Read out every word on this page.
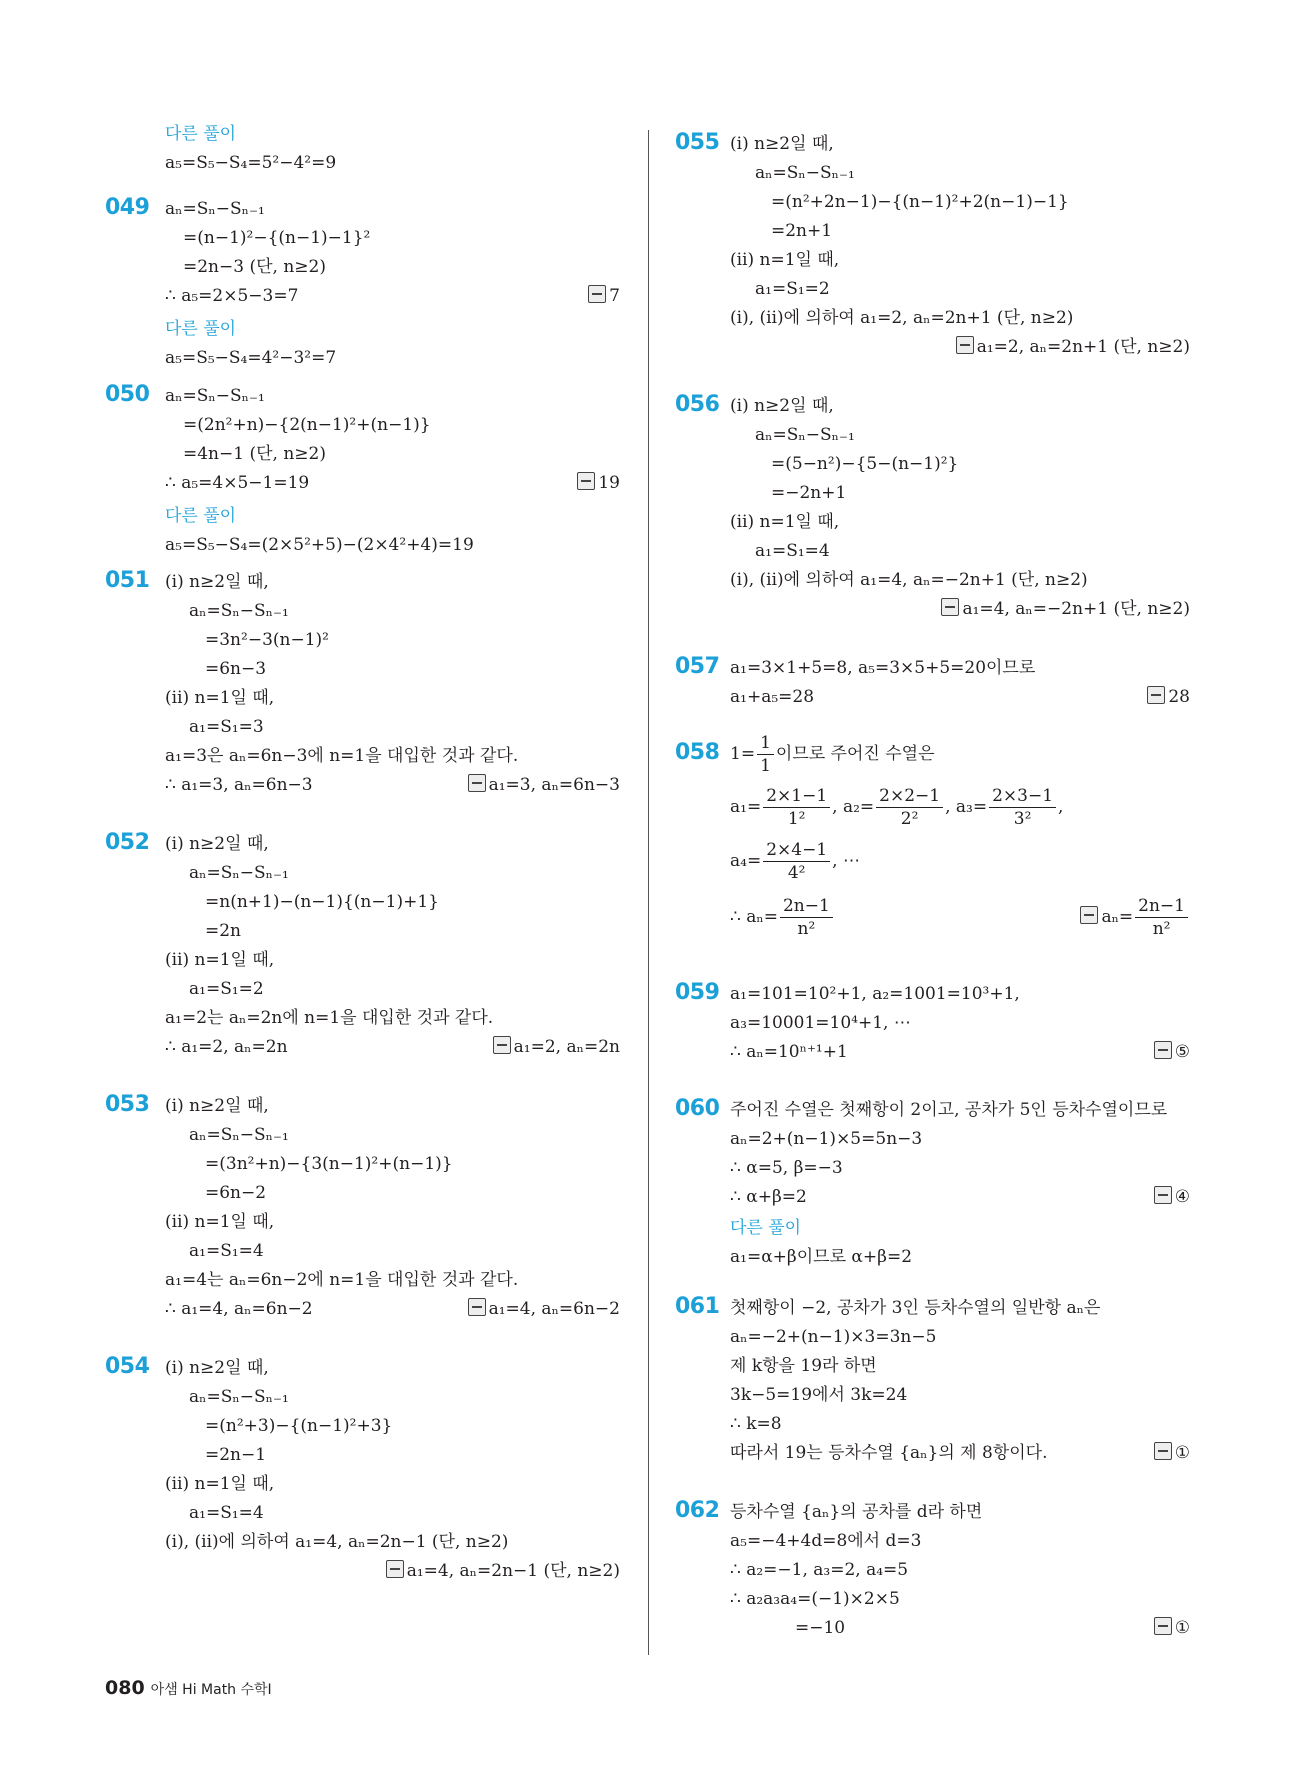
다른 풀이
a₅=S₅−S₄=5²−4²=9
049 aₙ=Sₙ−Sₙ₋₁
=(n−1)²−{(n−1)−1}²
=2n−3 (단, n≥2)
∴ a₅=2×5−3=7	7
다른 풀이
a₅=S₅−S₄=4²−3²=7
050 aₙ=Sₙ−Sₙ₋₁
=(2n²+n)−{2(n−1)²+(n−1)}
=4n−1 (단, n≥2)
∴ a₅=4×5−1=19	19
다른 풀이
a₅=S₅−S₄=(2×5²+5)−(2×4²+4)=19
051 (ⅰ) n≥2일 때,
aₙ=Sₙ−Sₙ₋₁
=3n²−3(n−1)²
=6n−3
(ⅱ) n=1일 때,
a₁=S₁=3
a₁=3은 aₙ=6n−3에 n=1을 대입한 것과 같다.
∴ a₁=3, aₙ=6n−3	a₁=3, aₙ=6n−3
052 (ⅰ) n≥2일 때,
aₙ=Sₙ−Sₙ₋₁
=n(n+1)−(n−1){(n−1)+1}
=2n
(ⅱ) n=1일 때,
a₁=S₁=2
a₁=2는 aₙ=2n에 n=1을 대입한 것과 같다.
∴ a₁=2, aₙ=2n	a₁=2, aₙ=2n
053 (ⅰ) n≥2일 때,
aₙ=Sₙ−Sₙ₋₁
=(3n²+n)−{3(n−1)²+(n−1)}
=6n−2
(ⅱ) n=1일 때,
a₁=S₁=4
a₁=4는 aₙ=6n−2에 n=1을 대입한 것과 같다.
∴ a₁=4, aₙ=6n−2	a₁=4, aₙ=6n−2
054 (ⅰ) n≥2일 때,
aₙ=Sₙ−Sₙ₋₁
=(n²+3)−{(n−1)²+3}
=2n−1
(ⅱ) n=1일 때,
a₁=S₁=4
(ⅰ), (ⅱ)에 의하여 a₁=4, aₙ=2n−1 (단, n≥2)
a₁=4, aₙ=2n−1 (단, n≥2)
055 (ⅰ) n≥2일 때,
aₙ=Sₙ−Sₙ₋₁
=(n²+2n−1)−{(n−1)²+2(n−1)−1}
=2n+1
(ⅱ) n=1일 때,
a₁=S₁=2
(ⅰ), (ⅱ)에 의하여 a₁=2, aₙ=2n+1 (단, n≥2)
a₁=2, aₙ=2n+1 (단, n≥2)
056 (ⅰ) n≥2일 때,
aₙ=Sₙ−Sₙ₋₁
=(5−n²)−{5−(n−1)²}
=−2n+1
(ⅱ) n=1일 때,
a₁=S₁=4
(ⅰ), (ⅱ)에 의하여 a₁=4, aₙ=−2n+1 (단, n≥2)
a₁=4, aₙ=−2n+1 (단, n≥2)
057 a₁=3×1+5=8, a₅=3×5+5=20이므로
a₁+a₅=28	28
058 $1= \frac{1}{1}$ 이므로 주어진 수열은
$a_1= \frac{2\times 1-1}{\text{1²}}$ , $a_2= \frac{2\times 2-1}{\text{2²}}$ , $a_3= \frac{2\times 3-1}{\text{3²}}$ ,
$a_4= \frac{2\times 4-1}{\text{4²}}$ , ⋯
∴ $a_n= \frac{2n-1}{\text{n²}}$	$a_n= \frac{2n-1}{\text{n²}}$
059 a₁=101=10²+1, a₂=1001=10³+1,
a₃=10001=10⁴+1, ⋯
∴ aₙ=10ⁿ⁺¹+1	⑤
060 주어진 수열은 첫째항이 2이고, 공차가 5인 등차수열이므로
aₙ=2+(n−1)×5=5n−3
∴ α=5, β=−3
∴ α+β=2	④
다른 풀이
a₁=α+β이므로 α+β=2
061 첫째항이 −2, 공차가 3인 등차수열의 일반항 aₙ은
aₙ=−2+(n−1)×3=3n−5
제 k항을 19라 하면
3k−5=19에서 3k=24
∴ k=8
따라서 19는 등차수열 {aₙ}의 제 8항이다.	①
062 등차수열 {aₙ}의 공차를 d라 하면
a₅=−4+4d=8에서 d=3
∴ a₂=−1, a₃=2, a₄=5
∴ a₂a₃a₄=(−1)×2×5
=−10	①
080 아샘 Hi Math 수학Ⅰ
